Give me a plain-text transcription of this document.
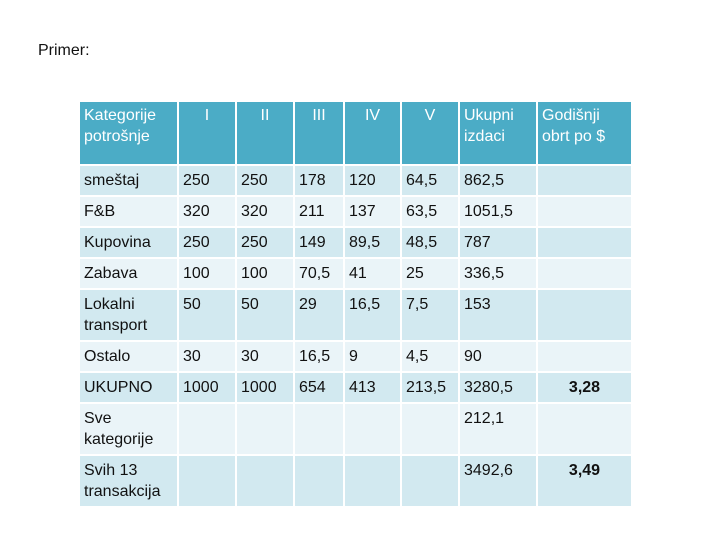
Primer:
Kategorije potrošnje	I	II	III	IV	V	Ukupni izdaci	Godišnji obrt po $
smeštaj	250	250	178	120	64,5	862,5	
F&B	320	320	211	137	63,5	1051,5	
Kupovina	250	250	149	89,5	48,5	787	
Zabava	100	100	70,5	41	25	336,5	
Lokalni transport	50	50	29	16,5	7,5	153	
Ostalo	30	30	16,5	9	4,5	90	
UKUPNO	1000	1000	654	413	213,5	3280,5	3,28
Sve kategorije						212,1	
Svih 13 transakcija						3492,6	3,49
